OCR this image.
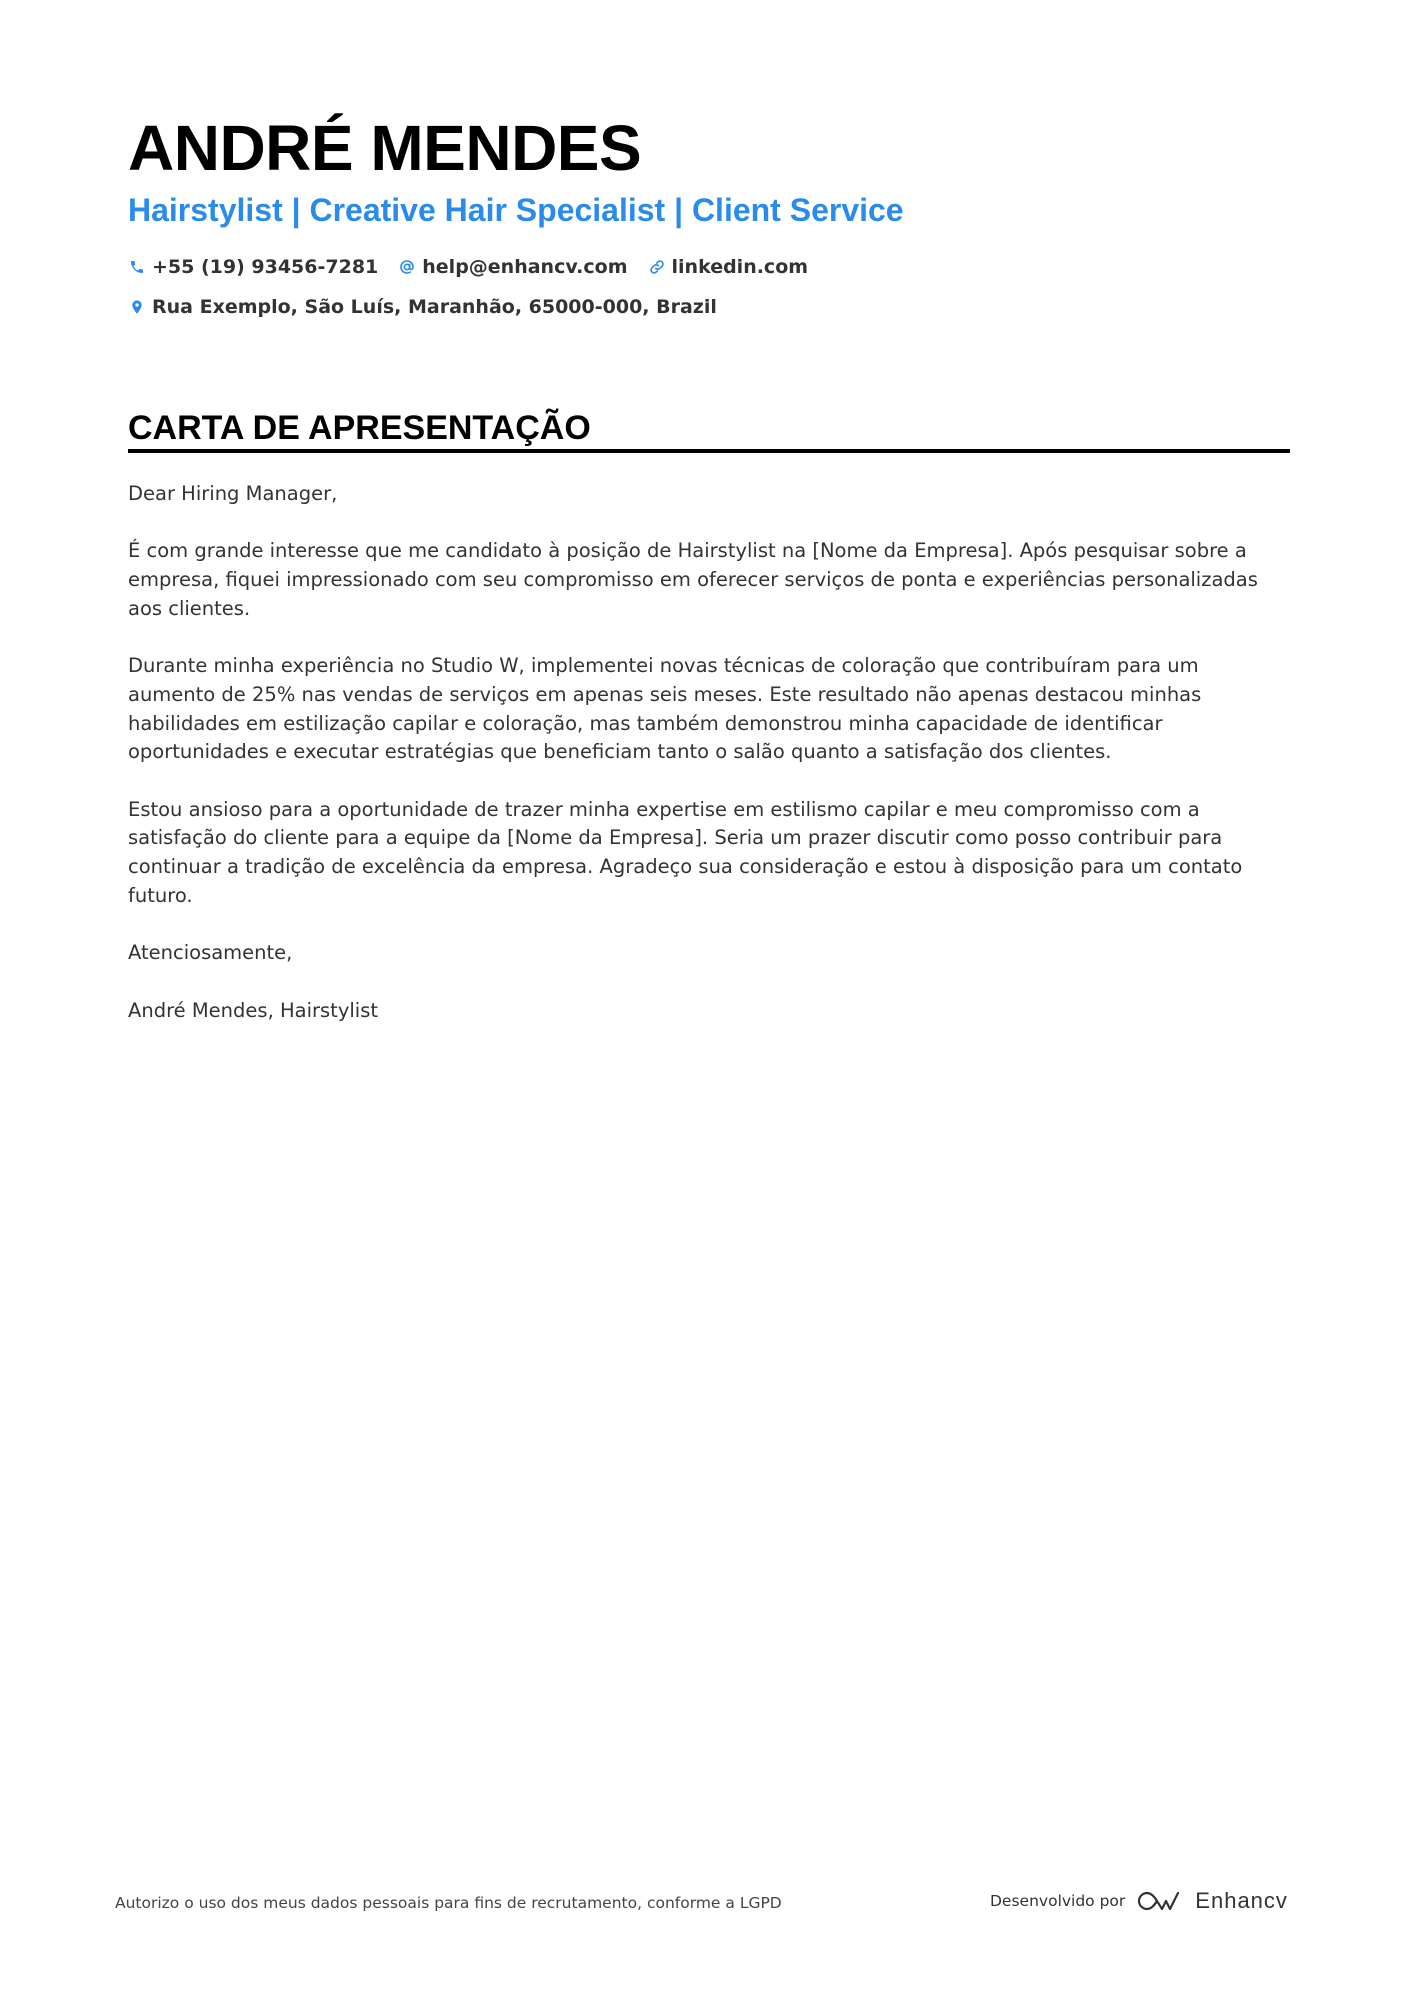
ANDRÉ MENDES
Hairstylist | Creative Hair Specialist | Client Service
+55 (19) 93456-7281 help@enhancv.com linkedin.com
Rua Exemplo, São Luís, Maranhão, 65000-000, Brazil
CARTA DE APRESENTAÇÃO

Dear Hiring Manager,

É com grande interesse que me candidato à posição de Hairstylist na [Nome da Empresa]. Após pesquisar sobre a empresa, fiquei impressionado com seu compromisso em oferecer serviços de ponta e experiências personalizadas aos clientes.

Durante minha experiência no Studio W, implementei novas técnicas de coloração que contribuíram para um aumento de 25% nas vendas de serviços em apenas seis meses. Este resultado não apenas destacou minhas habilidades em estilização capilar e coloração, mas também demonstrou minha capacidade de identificar oportunidades e executar estratégias que beneficiam tanto o salão quanto a satisfação dos clientes.

Estou ansioso para a oportunidade de trazer minha expertise em estilismo capilar e meu compromisso com a satisfação do cliente para a equipe da [Nome da Empresa]. Seria um prazer discutir como posso contribuir para continuar a tradição de excelência da empresa. Agradeço sua consideração e estou à disposição para um contato futuro.

Atenciosamente,

André Mendes, Hairstylist

Autorizo o uso dos meus dados pessoais para fins de recrutamento, conforme a LGPD	Desenvolvido por	Enhancv
